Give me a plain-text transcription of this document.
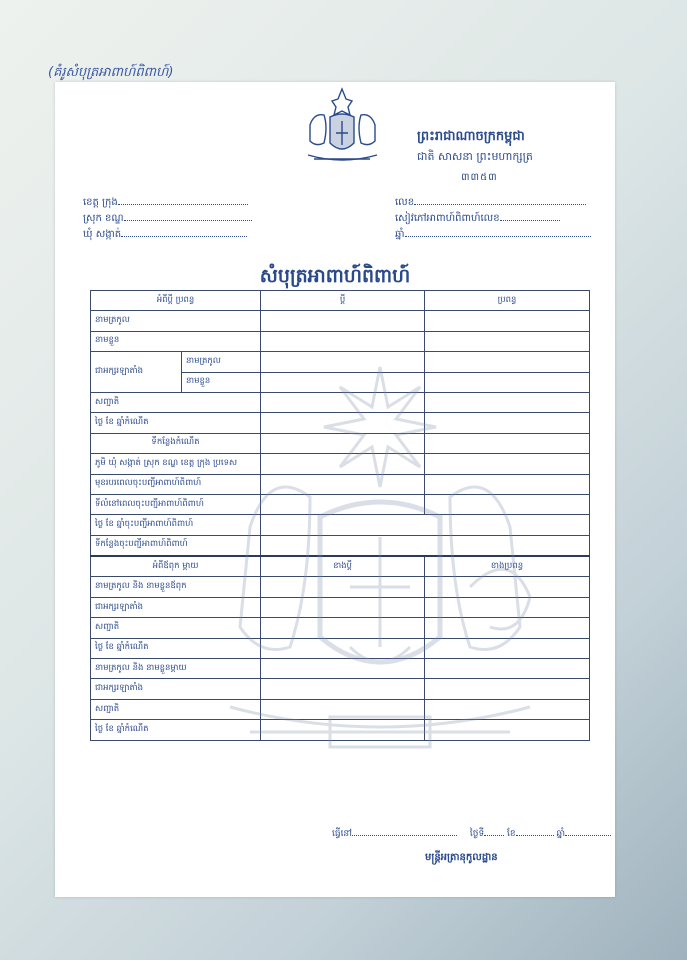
(គំរូសំបុត្រអាពាហ៍ពិពាហ៍)
ព្រះរាជាណាចក្រកម្ពុជា
ជាតិ សាសនា ព្រះមហាក្សត្រ
៣៣៥៣
ខេត្ត ក្រុង
ស្រុក ខណ្ឌ
ឃុំ សង្កាត់
លេខ
សៀវភៅអាពាហ៍ពិពាហ៍លេខ
ឆ្នាំ
សំបុត្រអាពាហ៍ពិពាហ៍
អំពីប្តី ប្រពន្ធ		ប្តី	ប្រពន្ធ
នាមត្រកូល			
នាមខ្លួន			
ជាអក្សរឡាតាំង	នាមត្រកូល		
	នាមខ្លួន		
សញ្ជាតិ			
ថ្ងៃ ខែ ឆ្នាំកំណើត			
ទីកន្លែងកំណើត			
ភូមិ ឃុំ សង្កាត់ ស្រុក ខណ្ឌ ខេត្ត ក្រុង ប្រទេស			
មុខរបរពេលចុះបញ្ជីអាពាហ៍ពិពាហ៍			
ទីលំនៅពេលចុះបញ្ជីអាពាហ៍ពិពាហ៍			
ថ្ងៃ ខែ ឆ្នាំចុះបញ្ជីអាពាហ៍ពិពាហ៍			
ទីកន្លែងចុះបញ្ជីអាពាហ៍ពិពាហ៍			
អំពីឪពុក ម្តាយ		ខាងប្តី	ខាងប្រពន្ធ
នាមត្រកូល និង នាមខ្លួនឪពុក			
ជាអក្សរឡាតាំង			
សញ្ជាតិ			
ថ្ងៃ ខែ ឆ្នាំកំណើត			
នាមត្រកូល និង នាមខ្លួនម្តាយ			
ជាអក្សរឡាតាំង			
សញ្ជាតិ			
ថ្ងៃ ខែ ឆ្នាំកំណើត			
ធ្វើនៅ	ថ្ងៃទី	ខែ	ឆ្នាំ
មន្ត្រីអត្រានុកូលដ្ឋាន
